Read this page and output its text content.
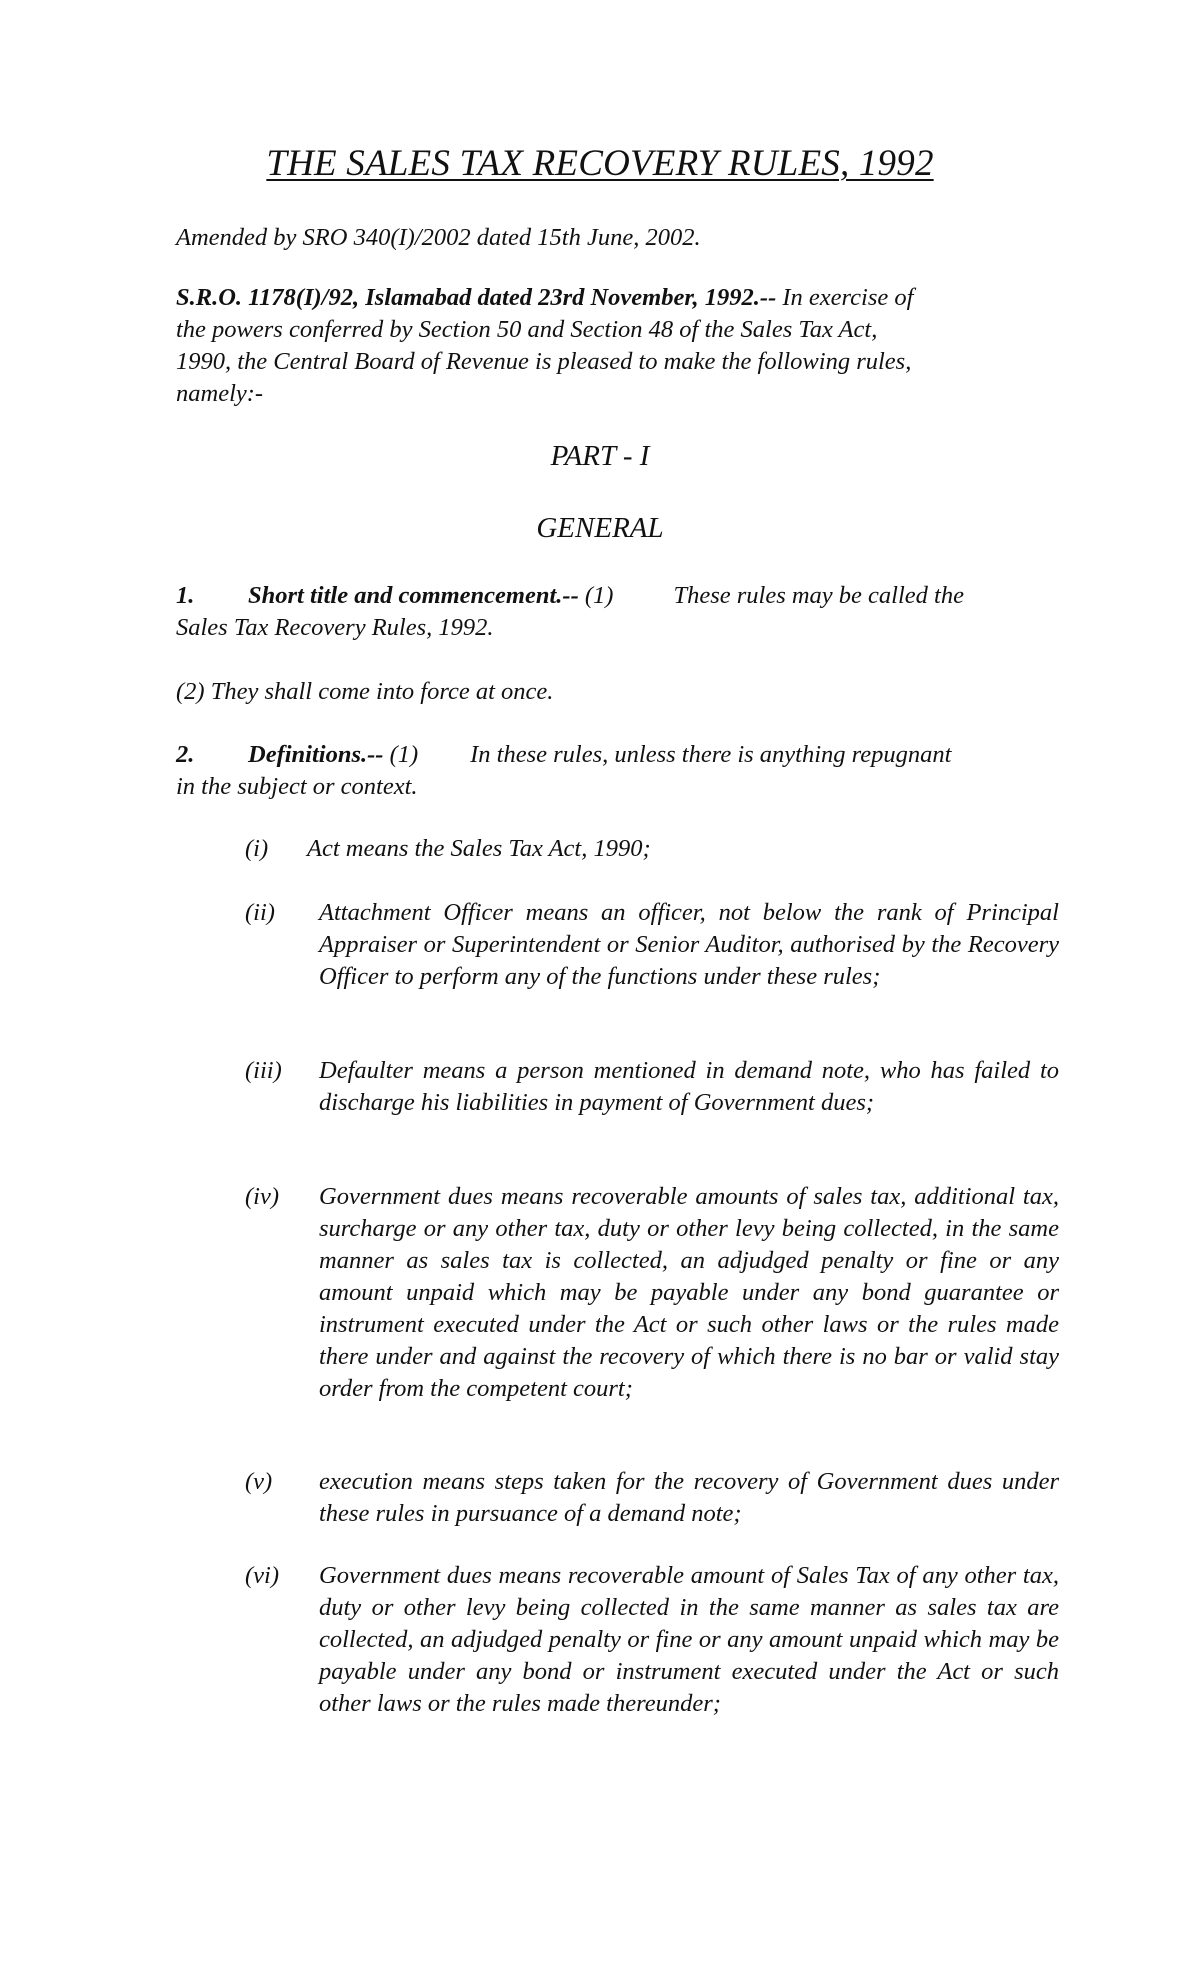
THE SALES TAX RECOVERY RULES, 1992
Amended by SRO 340(I)/2002 dated 15th June, 2002.
S.R.O. 1178(I)/92, Islamabad dated 23rd November, 1992.-- In exercise of
the powers conferred by Section 50 and Section 48 of the Sales Tax Act,
1990, the Central Board of Revenue is pleased to make the following rules,
namely:-
PART - I
GENERAL
1. Short title and commencement.-- (1) These rules may be called the
Sales Tax Recovery Rules, 1992.
(2) They shall come into force at once.
2. Definitions.-- (1) In these rules, unless there is anything repugnant
in the subject or context.
(i) Act means the Sales Tax Act, 1990;
(ii) Attachment Officer means an officer, not below the rank of Principal Appraiser or Superintendent or Senior Auditor, authorised by the Recovery Officer to perform any of the functions under these rules;
(iii) Defaulter means a person mentioned in demand note, who has failed to discharge his liabilities in payment of Government dues;
(iv) Government dues means recoverable amounts of sales tax, additional tax, surcharge or any other tax, duty or other levy being collected, in the same manner as sales tax is collected, an adjudged penalty or fine or any amount unpaid which may be payable under any bond guarantee or instrument executed under the Act or such other laws or the rules made there under and against the recovery of which there is no bar or valid stay order from the competent court;
(v) execution means steps taken for the recovery of Government dues under these rules in pursuance of a demand note;
(vi) Government dues means recoverable amount of Sales Tax of any other tax, duty or other levy being collected in the same manner as sales tax are collected, an adjudged penalty or fine or any amount unpaid which may be payable under any bond or instrument executed under the Act or such other laws or the rules made thereunder;
